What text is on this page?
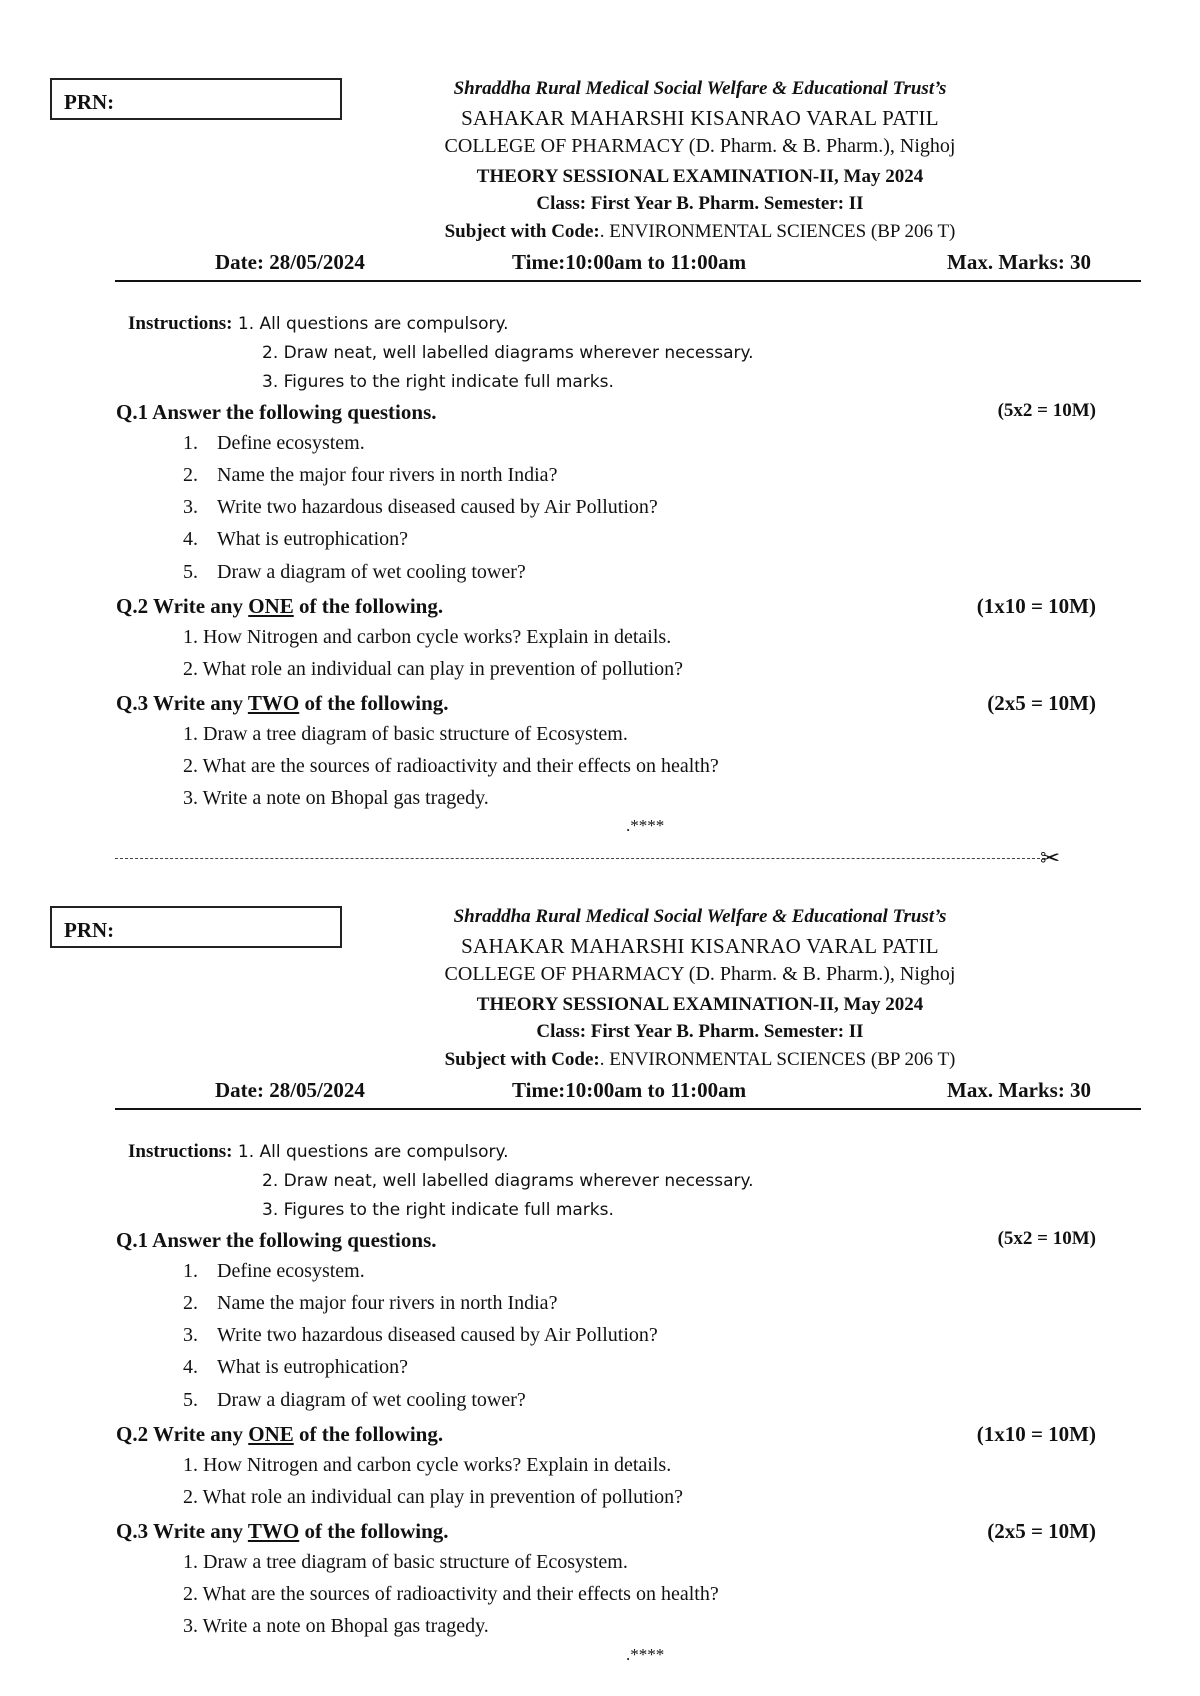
PRN:
Shraddha Rural Medical Social Welfare & Educational Trust’s
SAHAKAR MAHARSHI KISANRAO VARAL PATIL
COLLEGE OF PHARMACY (D. Pharm. & B. Pharm.), Nighoj
THEORY SESSIONAL EXAMINATION-II, May 2024
Class: First Year B. Pharm. Semester: II
Subject with Code:. ENVIRONMENTAL SCIENCES (BP 206 T)
Date: 28/05/2024	Time:10:00am to 11:00am	Max. Marks: 30
Instructions: 1. All questions are compulsory.
2. Draw neat, well labelled diagrams wherever necessary.
3. Figures to the right indicate full marks.
Q.1 Answer the following questions.	(5x2 = 10M)
1. Define ecosystem.
2. Name the major four rivers in north India?
3. Write two hazardous diseased caused by Air Pollution?
4. What is eutrophication?
5. Draw a diagram of wet cooling tower?
Q.2 Write any ONE of the following.	(1x10 = 10M)
1. How Nitrogen and carbon cycle works? Explain in details.
2. What role an individual can play in prevention of pollution?
Q.3 Write any TWO of the following.	(2x5 = 10M)
1. Draw a tree diagram of basic structure of Ecosystem.
2. What are the sources of radioactivity and their effects on health?
3. Write a note on Bhopal gas tragedy.
.****
✂
PRN:
Shraddha Rural Medical Social Welfare & Educational Trust’s
SAHAKAR MAHARSHI KISANRAO VARAL PATIL
COLLEGE OF PHARMACY (D. Pharm. & B. Pharm.), Nighoj
THEORY SESSIONAL EXAMINATION-II, May 2024
Class: First Year B. Pharm. Semester: II
Subject with Code:. ENVIRONMENTAL SCIENCES (BP 206 T)
Date: 28/05/2024	Time:10:00am to 11:00am	Max. Marks: 30
Instructions: 1. All questions are compulsory.
2. Draw neat, well labelled diagrams wherever necessary.
3. Figures to the right indicate full marks.
Q.1 Answer the following questions.	(5x2 = 10M)
1. Define ecosystem.
2. Name the major four rivers in north India?
3. Write two hazardous diseased caused by Air Pollution?
4. What is eutrophication?
5. Draw a diagram of wet cooling tower?
Q.2 Write any ONE of the following.	(1x10 = 10M)
1. How Nitrogen and carbon cycle works? Explain in details.
2. What role an individual can play in prevention of pollution?
Q.3 Write any TWO of the following.	(2x5 = 10M)
1. Draw a tree diagram of basic structure of Ecosystem.
2. What are the sources of radioactivity and their effects on health?
3. Write a note on Bhopal gas tragedy.
.****
